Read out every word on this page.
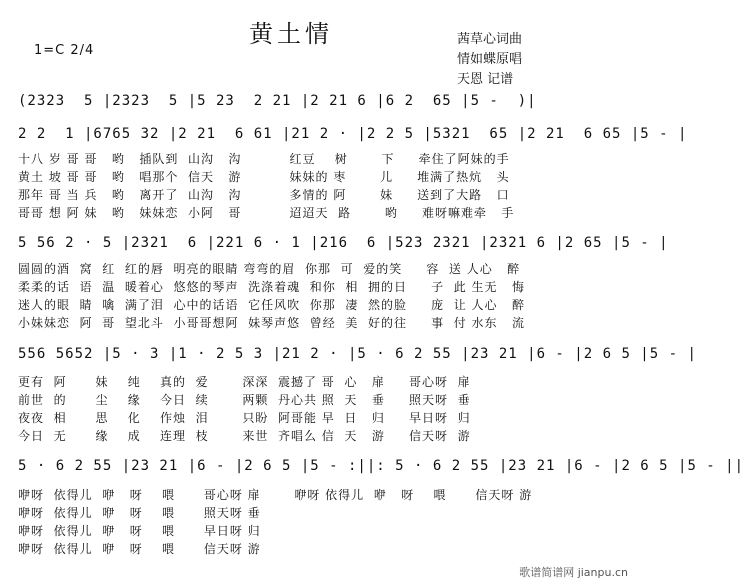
黄土情	茜草心词曲
情如蝶原唱
天恩 记谱
1=C 2/4
(2323  5 |2323  5 |5 23  2 21 |2 21 6 |6 2  65 |5 -  )|
2 2  1 |6765 32 |2 21  6 61 |21 2 · |2 2 5 |5321  65 |2 21  6 65 |5 - |
十八 岁 哥 哥   哟   插队到  山沟   沟          红豆    树       下     牵住了阿妹的手
黄土 坡 哥 哥   哟   唱那个  信天   游          妹妹的 枣       儿     堆满了热炕   头
那年 哥 当 兵   哟   离开了  山沟   沟          多情的 阿       妹     送到了大路   口
哥哥 想 阿 妹   哟   妹妹恋  小阿   哥          迢迢天  路       哟     难呀嘛难牵   手
5 56 2 · 5 |2321  6 |221 6 · 1 |216  6 |523 2321 |2321 6 |2 65 |5 - |
圆圆的酒  窝  红  红的唇  明亮的眼睛 弯弯的眉  你那  可  爱的笑     容  送 人心   醉
柔柔的话  语  温  暖着心  悠悠的琴声  洗涤着魂  和你  相  拥的日     子  此 生无   悔
迷人的眼  睛  噙  满了泪  心中的话语  它任风吹  你那  凄  然的脸     庞  让 人心   醉
小妹妹恋  阿  哥  望北斗  小哥哥想阿  妹琴声悠  曾经  美  好的往     事  付 水东   流
556 5652 |5 · 3 |1 · 2 5 3 |21 2 · |5 · 6 2 55 |23 21 |6 - |2 6 5 |5 - |
更有  阿      妹    纯    真的  爱       深深  震撼了 哥  心   扉     哥心呀  扉
前世  的      尘    缘    今日  续       两颗  丹心共 照  天   垂     照天呀  垂
夜夜  相      思    化    作烛  泪       只盼  阿哥能 早  日   归     早日呀  归
今日  无      缘    成    连理  枝       来世  齐唱么 信  天   游     信天呀  游
5 · 6 2 55 |23 21 |6 - |2 6 5 |5 - :||: 5 · 6 2 55 |23 21 |6 - |2 6 5 |5 - ||
咿呀  依得儿  咿   呀    喂      哥心呀 扉       咿呀 依得儿  咿   呀    喂      信天呀 游
咿呀  依得儿  咿   呀    喂      照天呀 垂
咿呀  依得儿  咿   呀    喂      早日呀 归
咿呀  依得儿  咿   呀    喂      信天呀 游
歌谱简谱网 jianpu.cn
